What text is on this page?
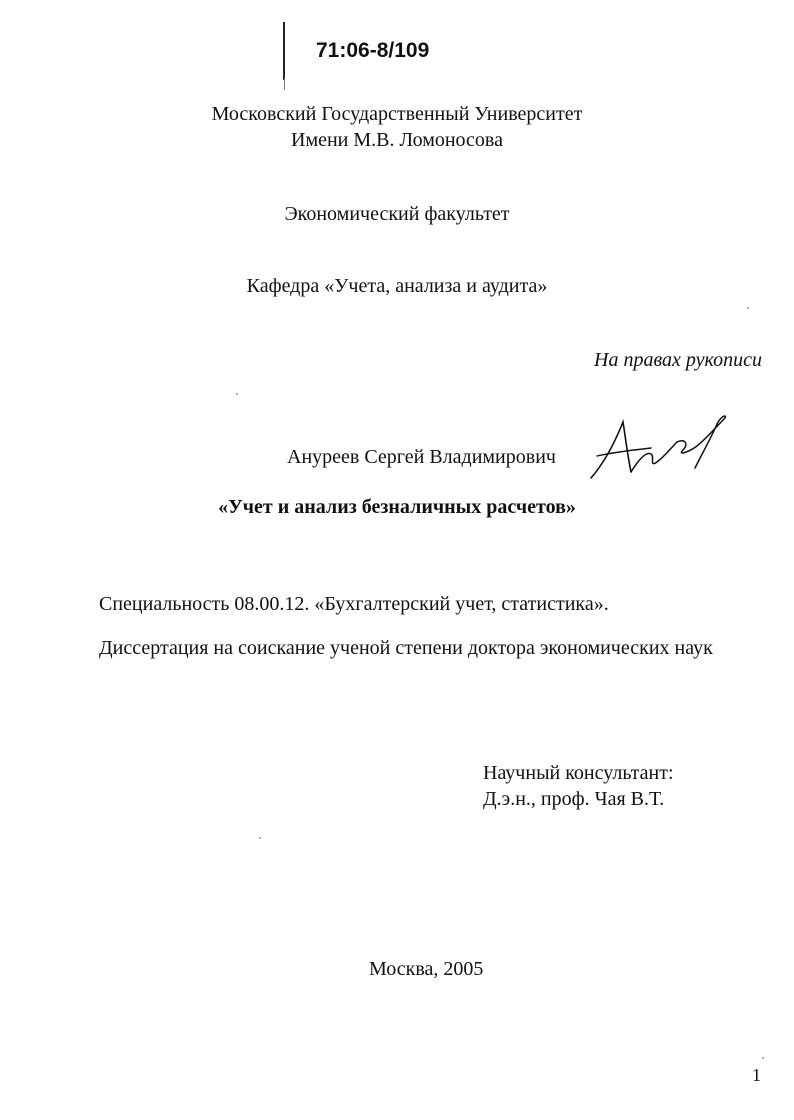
71:06-8/109
Московский Государственный Университет
Имени М.В. Ломоносова
Экономический факультет
Кафедра «Учета, анализа и аудита»
На правах рукописи
Ануреев Сергей Владимирович
«Учет и анализ безналичных расчетов»
Специальность 08.00.12. «Бухгалтерский учет, статистика».
Диссертация на соискание ученой степени доктора экономических наук
Научный консультант:
Д.э.н., проф. Чая В.Т.
Москва, 2005
1
